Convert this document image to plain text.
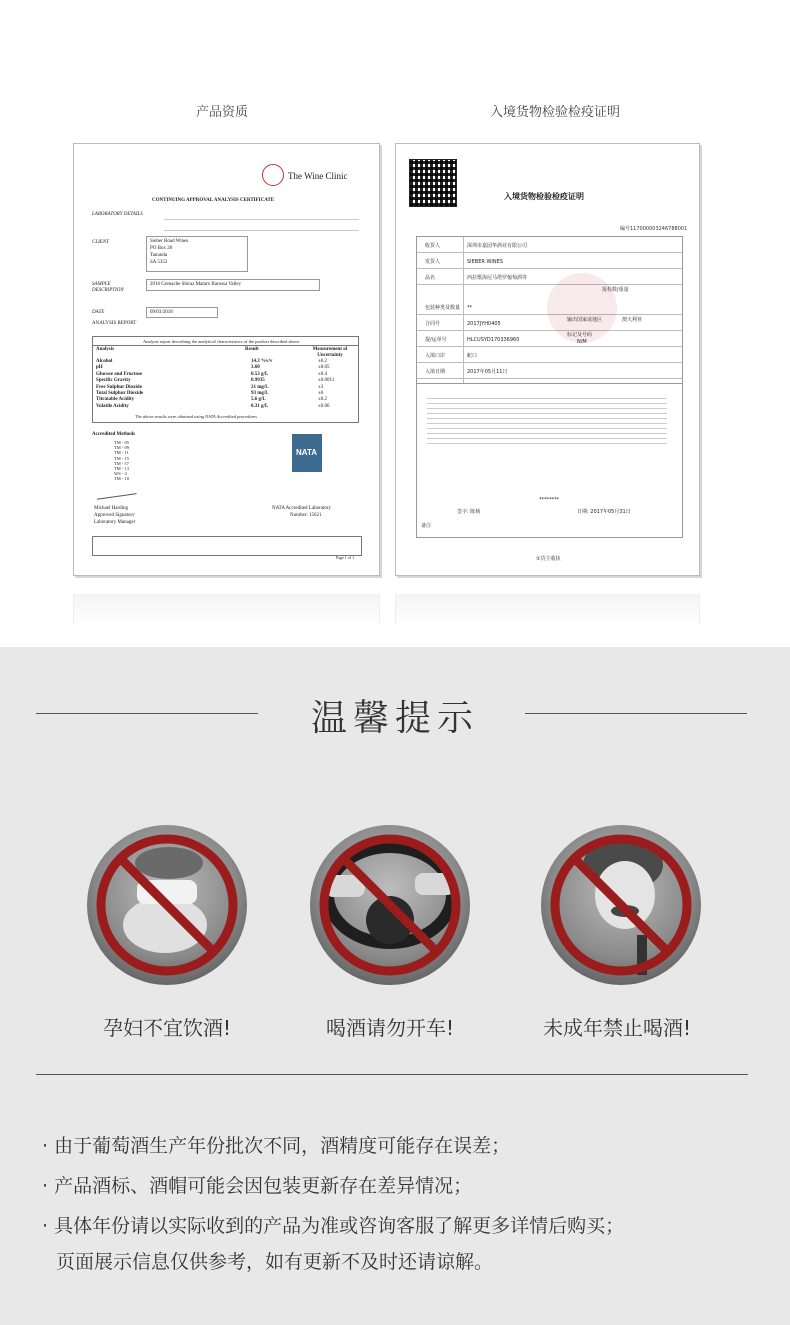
产品资质	入境货物检验检疫证明
The Wine Clinic
CONTINUING APPROVAL ANALYSIS CERTIFICATE
LABORATORY DETAILS
CLIENT	Sieber Road Wines
PO Box 20
Tanunda
SA 5352
SAMPLE DESCRIPTION
2016 Grenache Shiraz Mataro Barossa Valley
DATE	09/03/2018
ANALYSIS REPORT
Analysis report describing the analytical characteristics of the product described above.
Analysis	Result	Measurement of Uncertainty
Alcohol	14.3 %v/v	±0.2
pH	3.60	±0.05
Glucose and Fructose	0.53 g/L	±0.4
Specific Gravity	0.9935	±0.0011
Free Sulphur Dioxide	21 mg/L	±3
Total Sulphur Dioxide	93 mg/L	±6
Titratable Acidity	5.6 g/L	±0.2
Volatile Acidity	0.31 g/L	±0.06
The above results were obtained using NATA Accredited procedures
Accredited Methods
TM - 05
TM - 09
TM - 11
TM - 15
TM - 57
TM - 13
WS - 4
TM - 10
NATA
Michael Harding
Approved Signatory
Laboratory Manager
NATA Accredited Laboratory
Number: 15621
Page 1 of 1
入境货物检验检疫证明
编号 117000003246788001
收货人	深圳市嘉园华酒业有限公司
发货人	SIEBER WINES
品名	西拉歌海尼马塔罗葡萄酒等
包装种类及数量 **
合同号	2017JYH0405
提/运单号	HLCUSYD170336960
入境口岸	蛇口
入境日期	2017年05月11日
报检数/重量
输出国家或地区	澳大利亚
标记及号码
N/M
********
签字: 陈杨	日期: 2017年05月31日
备注
①货主收执
温馨提示
孕妇不宜饮酒!	喝酒请勿开车!	未成年禁止喝酒!
· 由于葡萄酒生产年份批次不同，酒精度可能存在误差；
· 产品酒标、酒帽可能会因包装更新存在差异情况；
· 具体年份请以实际收到的产品为准或咨询客服了解更多详情后购买；
页面展示信息仅供参考，如有更新不及时还请谅解。
